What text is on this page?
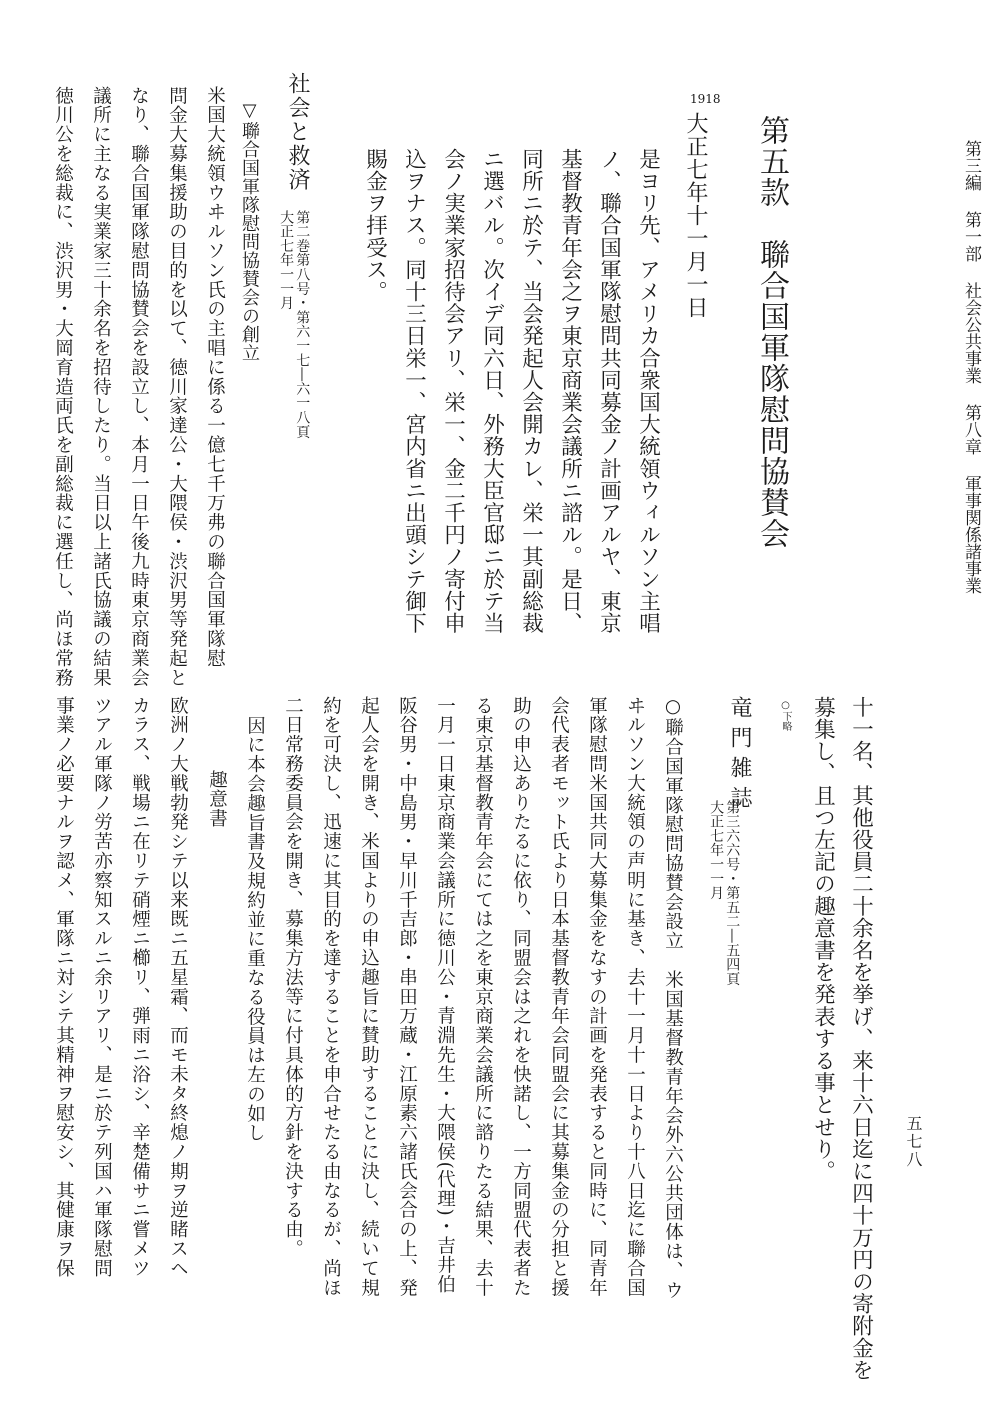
第三編第一部社会公共事業第八章軍事関係諸事業
五七八
第五款　聯合国軍隊慰問協賛会
1918
大正七年十一月一日
是ヨリ先、アメリカ合衆国大統領ウィルソン主唱
ノ、聯合国軍隊慰問共同募金ノ計画アルヤ、東京
基督教青年会之ヲ東京商業会議所ニ諮ル。是日、
同所ニ於テ、当会発起人会開カレ、栄一其副総裁
ニ選バル。次イデ同六日、外務大臣官邸ニ於テ当
会ノ実業家招待会アリ、栄一、金二千円ノ寄付申
込ヲナス。同十三日栄一、宮内省ニ出頭シテ御下
賜金ヲ拝受ス。
社会と救済
第二巻第八号・第六一七―六一八頁
大正七年一一月
▽聯合国軍隊慰問協賛会の創立
米国大統領ウヰルソン氏の主唱に係る一億七千万弗の聯合国軍隊慰
問金大募集援助の目的を以て、徳川家達公・大隈侯・渋沢男等発起と
なり、聯合国軍隊慰問協賛会を設立し、本月一日午後九時東京商業会
議所に主なる実業家三十余名を招待したり。当日以上諸氏協議の結果
徳川公を総裁に、渋沢男・大岡育造両氏を副総裁に選任し、尚ほ常務
十一名、其他役員二十余名を挙げ、来十六日迄に四十万円の寄附金を
募集し、且つ左記の趣意書を発表する事とせり。
○下略
竜門雑誌
第三六六号・第五二―五四頁
大正七年一一月
○聯合国軍隊慰問協賛会設立　米国基督教青年会外六公共団体は、ウ
ヰルソン大統領の声明に基き、去十一月十一日より十八日迄に聯合国
軍隊慰問米国共同大募集金をなすの計画を発表すると同時に、同青年
会代表者モット氏より日本基督教青年会同盟会に其募集金の分担と援
助の申込ありたるに依り、同盟会は之れを快諾し、一方同盟代表者た
る東京基督教青年会にては之を東京商業会議所に諮りたる結果、去十
一月一日東京商業会議所に徳川公・青淵先生・大隈侯(代理)・吉井伯
阪谷男・中島男・早川千吉郎・串田万蔵・江原素六諸氏会合の上、発
起人会を開き、米国よりの申込趣旨に賛助することに決し、続いて規
約を可決し、迅速に其目的を達することを申合せたる由なるが、尚ほ
二日常務委員会を開き、募集方法等に付具体的方針を決する由。
因に本会趣旨書及規約並に重なる役員は左の如し
趣意書
欧洲ノ大戦勃発シテ以来既ニ五星霜、而モ未タ終熄ノ期ヲ逆睹スヘ
カラス、戦場ニ在リテ硝煙ニ櫛リ、弾雨ニ浴シ、辛楚備サニ嘗メツ
ツアル軍隊ノ労苦亦察知スルニ余リアリ、是ニ於テ列国ハ軍隊慰問
事業ノ必要ナルヲ認メ、軍隊ニ対シテ其精神ヲ慰安シ、其健康ヲ保
